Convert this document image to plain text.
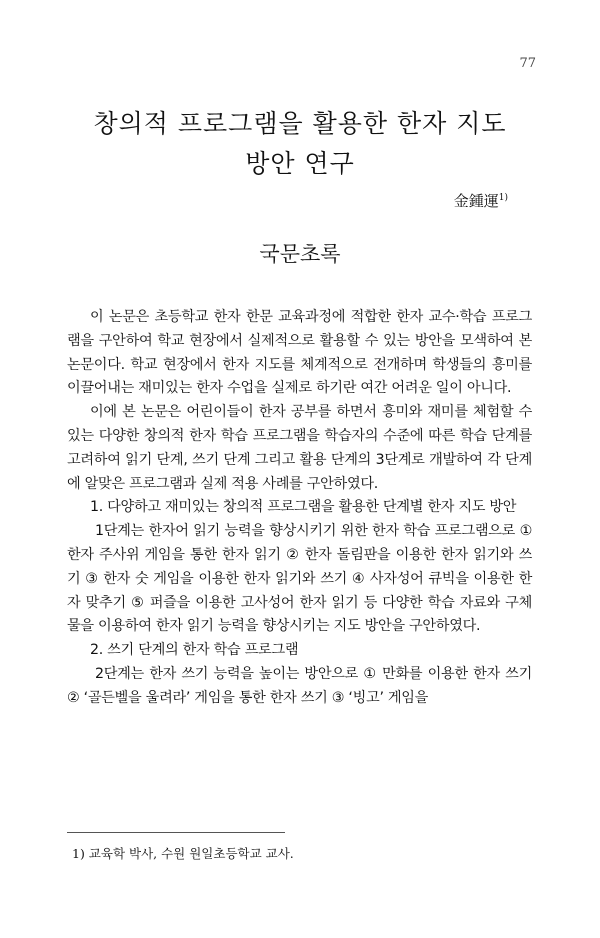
77
창의적 프로그램을 활용한 한자 지도
방안 연구
金鍾運$^{1)}$
국문초록

이 논문은 초등학교 한자 한문 교육과정에 적합한 한자 교수·학습 프로그램을 구안하여 학교 현장에서 실제적으로 활용할 수 있는 방안을 모색하여 본 논문이다. 학교 현장에서 한자 지도를 체계적으로 전개하며 학생들의 흥미를 이끌어내는 재미있는 한자 수업을 실제로 하기란 여간 어려운 일이 아니다.

이에 본 논문은 어린이들이 한자 공부를 하면서 흥미와 재미를 체험할 수 있는 다양한 창의적 한자 학습 프로그램을 학습자의 수준에 따른 학습 단계를 고려하여 읽기 단계, 쓰기 단계 그리고 활용 단계의 3단계로 개발하여 각 단계에 알맞은 프로그램과 실제 적용 사례를 구안하였다.

1. 다양하고 재미있는 창의적 프로그램을 활용한 단계별 한자 지도 방안

1단계는 한자어 읽기 능력을 향상시키기 위한 한자 학습 프로그램으로 ① 한자 주사위 게임을 통한 한자 읽기 ② 한자 돌림판을 이용한 한자 읽기와 쓰기 ③ 한자 숫 게임을 이용한 한자 읽기와 쓰기 ④ 사자성어 큐빅을 이용한 한자 맞추기 ⑤ 퍼즐을 이용한 고사성어 한자 읽기 등 다양한 학습 자료와 구체물을 이용하여 한자 읽기 능력을 향상시키는 지도 방안을 구안하였다.

2. 쓰기 단계의 한자 학습 프로그램

2단계는 한자 쓰기 능력을 높이는 방안으로 ① 만화를 이용한 한자 쓰기 ② ‘골든벨을 울려라’ 게임을 통한 한자 쓰기 ③ ‘빙고’ 게임을

1) 교육학 박사, 수원 원일초등학교 교사.
